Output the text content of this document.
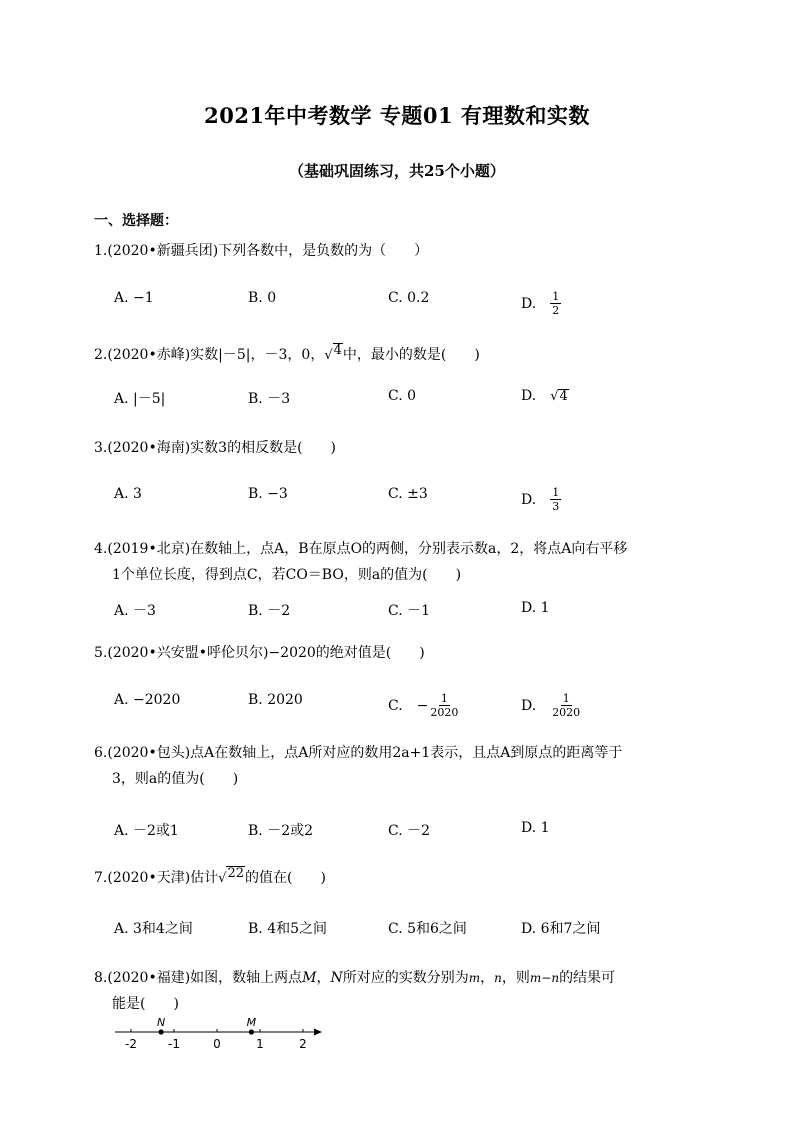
2021年中考数学 专题01 有理数和实数
（基础巩固练习，共25个小题）
一、选择题：
1.(2020•新疆兵团)下列各数中，是负数的为（　　）
A. −1	B. 0	C. 0.2	D. $\frac{1}{2}$
2.(2020•赤峰)实数|－5|，－3，0， √ 4 中，最小的数是(　　)
A. |－5|	B. －3	C. 0	D. √ 4
3.(2020•海南)实数3的相反数是(　　)
A. 3	B. −3	C. ±3	D. $\frac{1}{3}$
4.(2019•北京)在数轴上，点A，B在原点O的两侧，分别表示数a，2，将点A向右平移
1个单位长度，得到点C，若CO＝BO，则a的值为(　　)
A. －3	B. －2	C. －1	D. 1
5.(2020•兴安盟•呼伦贝尔)−2020的绝对值是(　　)
A. −2020	B. 2020	C. − $\frac{1}{2020}$	D. $\frac{1}{2020}$
6.(2020•包头)点A在数轴上，点A所对应的数用2a+1表示，且点A到原点的距离等于
3，则a的值为(　　)
A. －2或1	B. －2或2	C. －2	D. 1
7.(2020•天津)估计 √ 22 的值在(　　)
A. 3和4之间	B. 4和5之间	C. 5和6之间	D. 6和7之间
8.(2020•福建)如图，数轴上两点M，N所对应的实数分别为m，n，则m−n的结果可
能是(　　)
-2	-1	0	1	2
N	M
